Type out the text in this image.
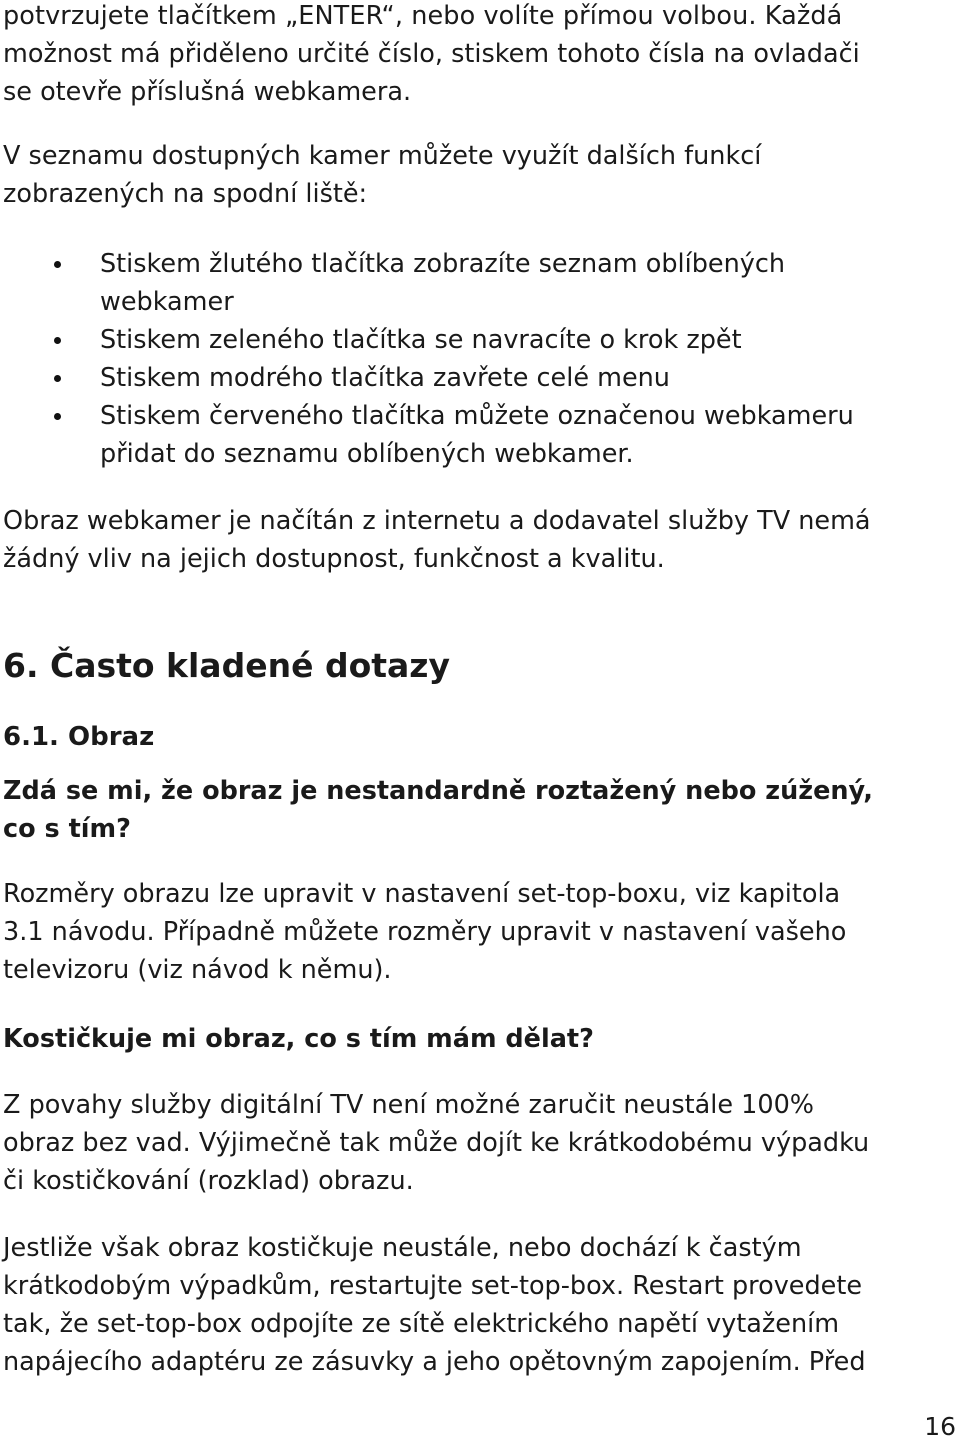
potvrzujete tlačítkem „ENTER“, nebo volíte přímou volbou. Každá
možnost má přiděleno určité číslo, stiskem tohoto čísla na ovladači
se otevře příslušná webkamera.

V seznamu dostupných kamer můžete využít dalších funkcí
zobrazených na spodní liště:

Stiskem žlutého tlačítka zobrazíte seznam oblíbených
webkamer
Stiskem zeleného tlačítka se navracíte o krok zpět
Stiskem modrého tlačítka zavřete celé menu
Stiskem červeného tlačítka můžete označenou webkameru
přidat do seznamu oblíbených webkamer.

Obraz webkamer je načítán z internetu a dodavatel služby TV nemá
žádný vliv na jejich dostupnost, funkčnost a kvalitu.

6. Často kladené dotazy
6.1. Obraz

Zdá se mi, že obraz je nestandardně roztažený nebo zúžený,
co s tím?

Rozměry obrazu lze upravit v nastavení set-top-boxu, viz kapitola
3.1 návodu. Případně můžete rozměry upravit v nastavení vašeho
televizoru (viz návod k němu).

Kostičkuje mi obraz, co s tím mám dělat?

Z povahy služby digitální TV není možné zaručit neustále 100%
obraz bez vad. Výjimečně tak může dojít ke krátkodobému výpadku
či kostičkování (rozklad) obrazu.

Jestliže však obraz kostičkuje neustále, nebo dochází k častým
krátkodobým výpadkům, restartujte set-top-box. Restart provedete
tak, že set-top-box odpojíte ze sítě elektrického napětí vytažením
napájecího adaptéru ze zásuvky a jeho opětovným zapojením. Před

16
